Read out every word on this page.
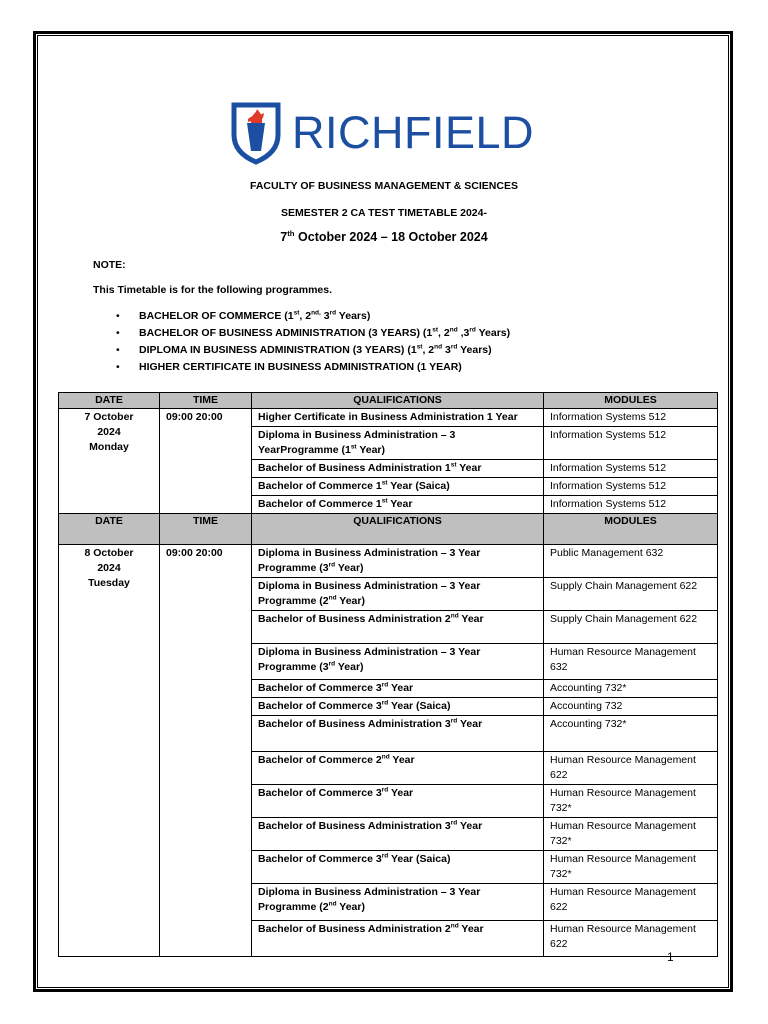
RICHFIELD
FACULTY OF BUSINESS MANAGEMENT & SCIENCES
SEMESTER 2 CA TEST TIMETABLE 2024-
7th October 2024 – 18 October 2024
NOTE:
This Timetable is for the following programmes.
• BACHELOR OF COMMERCE (1st, $2^{nd,}$ 3rd Years)
• BACHELOR OF BUSINESS ADMINISTRATION (3 YEARS) (1st, 2nd ,3rd Years)
• DIPLOMA IN BUSINESS ADMINISTRATION (3 YEARS) (1st, 2nd 3rd Years)
• HIGHER CERTIFICATE IN BUSINESS ADMINISTRATION (1 YEAR)
DATE	TIME	QUALIFICATIONS	MODULES
7 October
2024
Monday	09:00 20:00	Higher Certificate in Business Administration 1 Year	Information Systems 512
		Diploma in Business Administration – 3 YearProgramme (1st Year)	Information Systems 512
		Bachelor of Business Administration 1st Year	Information Systems 512
		Bachelor of Commerce 1st Year (Saica)	Information Systems 512
		Bachelor of Commerce 1st Year	Information Systems 512
DATE	TIME	QUALIFICATIONS	MODULES
8 October
2024
Tuesday	09:00 20:00	Diploma in Business Administration – 3 Year Programme (3rd Year)	Public Management 632
		Diploma in Business Administration – 3 Year Programme (2nd Year)	Supply Chain Management 622
		Bachelor of Business Administration 2nd Year	Supply Chain Management 622
		Diploma in Business Administration – 3 Year Programme (3rd Year)	Human Resource Management 632
		Bachelor of Commerce 3rd Year	Accounting 732*
		Bachelor of Commerce 3rd Year (Saica)	Accounting 732
		Bachelor of Business Administration 3rd Year	Accounting 732*
		Bachelor of Commerce 2nd Year	Human Resource Management 622
		Bachelor of Commerce 3rd Year	Human Resource Management 732*
		Bachelor of Business Administration 3rd Year	Human Resource Management 732*
		Bachelor of Commerce 3rd Year (Saica)	Human Resource Management 732*
		Diploma in Business Administration – 3 Year Programme (2nd Year)	Human Resource Management 622
		Bachelor of Business Administration 2nd Year	Human Resource Management 622
1
